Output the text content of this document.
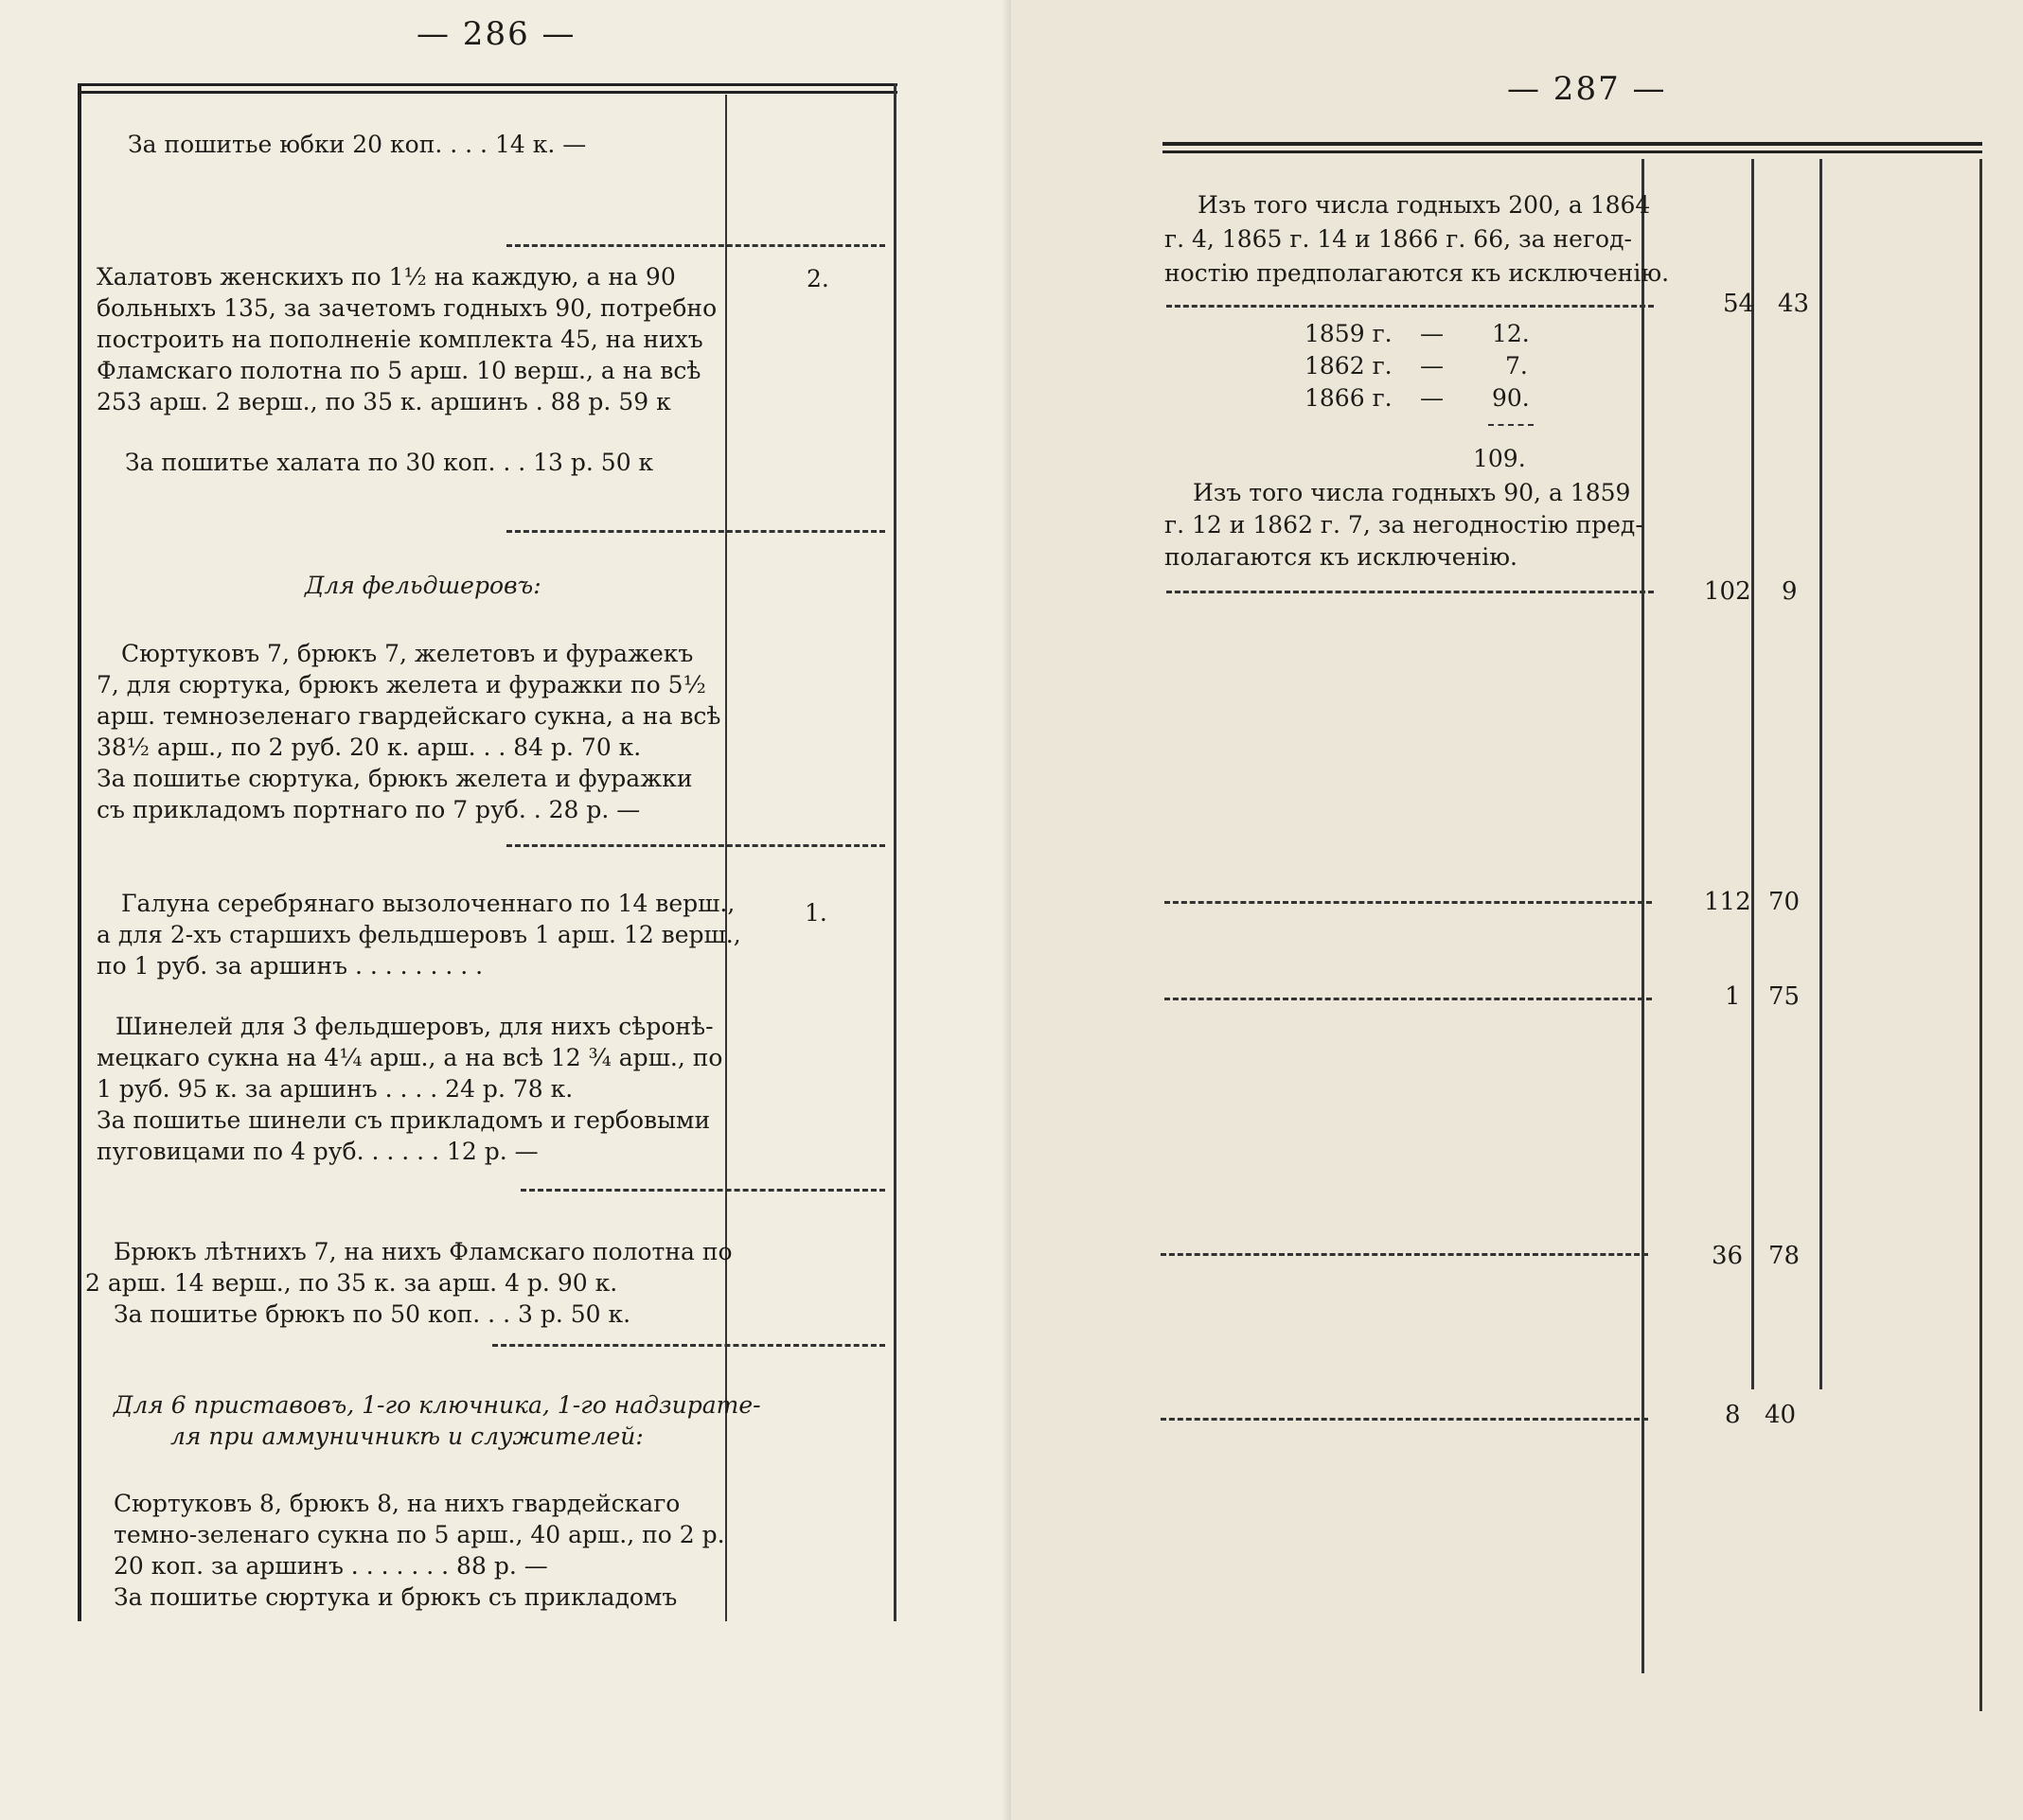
— 286 —
За пошитье юбки 20 коп. . . . 14 к. —
Халатовъ женскихъ по 1½ на каждую, а на 90
больныхъ 135, за зачетомъ годныхъ 90, потребно
построить на пополненіе комплекта 45, на нихъ
Фламскаго полотна по 5 арш. 10 верш., а на всѣ
253 арш. 2 верш., по 35 к. аршинъ . 88 р. 59 к
За пошитье халата по 30 коп. . . 13 р. 50 к
2.
Для фельдшеровъ:
Сюртуковъ 7, брюкъ 7, желетовъ и фуражекъ
7, для сюртука, брюкъ желета и фуражки по 5½
арш. темнозеленаго гвардейскаго сукна, а на всѣ
38½ арш., по 2 руб. 20 к. арш. . . 84 р. 70 к.
За пошитье сюртука, брюкъ желета и фуражки
съ прикладомъ портнаго по 7 руб. . 28 р. —
Галуна серебрянаго вызолоченнаго по 14 верш.,
а для 2-хъ старшихъ фельдшеровъ 1 арш. 12 верш.,
по 1 руб. за аршинъ . . . . . . . . .
Шинелей для 3 фельдшеровъ, для нихъ сѣронѣ-
мецкаго сукна на 4¼ арш., а на всѣ 12 ¾ арш., по
1 руб. 95 к. за аршинъ . . . . 24 р. 78 к.
За пошитье шинели съ прикладомъ и гербовыми
пуговицами по 4 руб. . . . . . 12 р. —
1.
Брюкъ лѣтнихъ 7, на нихъ Фламскаго полотна по
2 арш. 14 верш., по 35 к. за арш. 4 р. 90 к.
За пошитье брюкъ по 50 коп. . . 3 р. 50 к.
Для 6 приставовъ, 1-го ключника, 1-го надзирате-
ля при аммуничникѣ и служителей:
Сюртуковъ 8, брюкъ 8, на нихъ гвардейскаго
темно-зеленаго сукна по 5 арш., 40 арш., по 2 р.
20 коп. за аршинъ . . . . . . . 88 р. —
За пошитье сюртука и брюкъ съ прикладомъ

— 287 —
Изъ того числа годныхъ 200, а 1864
г. 4, 1865 г. 14 и 1866 г. 66, за негод-
ностію предполагаются къ исключенію.
54 43
1859 г. — 12.
1862 г. —	7.
1866 г. — 90.
109.
Изъ того числа годныхъ 90, а 1859
г. 12 и 1862 г. 7, за негодностію пред-
полагаются къ исключенію.
102 9
112 70
1 75
36 78
8 40
